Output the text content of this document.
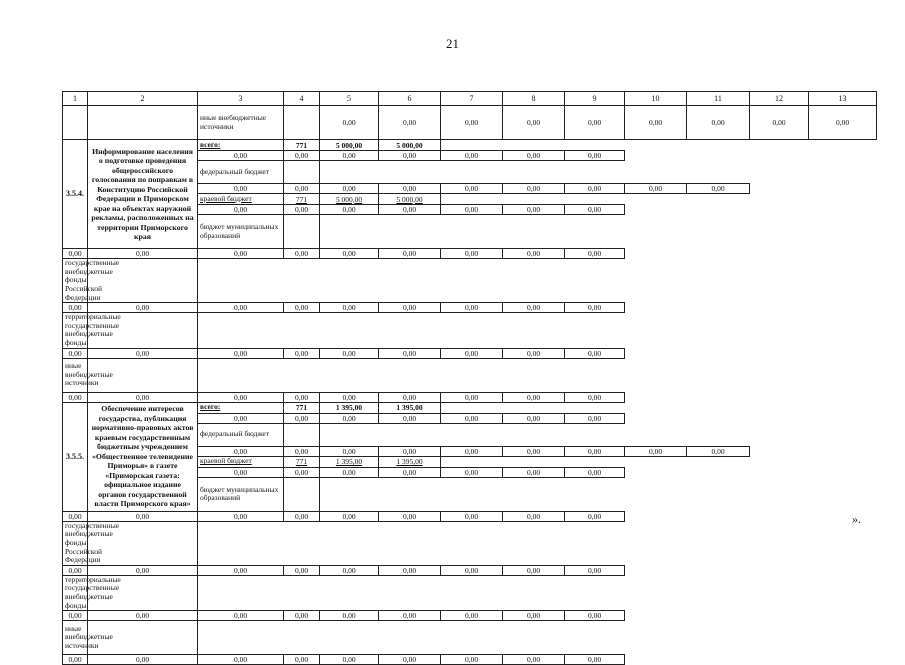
21
1	2	3	4	5	6	7	8	9	10	11	12	13
		иные внебюджетные источники		0,00	0,00	0,00	0,00	0,00	0,00	0,00	0,00	0,00
3.5.4.	Информирование населения о подготовке проведения общероссийского голосования по поправкам в Конституцию Российской Федерации в Приморском крае на объектах наружной рекламы, расположенных на территории Приморского края	всего:	771	5 000,00	5 000,00							
		0,00	0,00	0,00	0,00	0,00	0,00	0,00				
		федеральный бюджет										
		0,00	0,00	0,00	0,00	0,00	0,00	0,00	0,00	0,00		
		краевой бюджет	771	5 000,00	5 000,00							
		0,00	0,00	0,00	0,00	0,00	0,00	0,00				
		бюджет муниципальных образований										
0,00	0,00	0,00	0,00	0,00	0,00	0,00	0,00	0,00				
государственные внебюджетные фонды Российской Федерации												
0,00	0,00	0,00	0,00	0,00	0,00	0,00	0,00	0,00				
территориальные государственные внебюджетные фонды												
0,00	0,00	0,00	0,00	0,00	0,00	0,00	0,00	0,00				
иные внебюджетные источники												
0,00	0,00	0,00	0,00	0,00	0,00	0,00	0,00	0,00				
3.5.5.	Обеспечение интересов государства, публикация нормативно-правовых актов краевым государственным бюджетным учреждением «Общественное телевидение Приморья» в газете «Приморская газета: официальное издание органов государственной власти Приморского края»	всего:	771	1 395,00	1 395,00							
		0,00	0,00	0,00	0,00	0,00	0,00	0,00				
		федеральный бюджет										
		0,00	0,00	0,00	0,00	0,00	0,00	0,00	0,00	0,00		
		краевой бюджет	771	1 395,00	1 395,00							
		0,00	0,00	0,00	0,00	0,00	0,00	0,00				
		бюджет муниципальных образований										
0,00	0,00	0,00	0,00	0,00	0,00	0,00	0,00	0,00				
государственные внебюджетные фонды Российской Федерации												
0,00	0,00	0,00	0,00	0,00	0,00	0,00	0,00	0,00				
территориальные государственные внебюджетные фонды												
0,00	0,00	0,00	0,00	0,00	0,00	0,00	0,00	0,00				
иные внебюджетные источники												
0,00	0,00	0,00	0,00	0,00	0,00	0,00	0,00	0,00				
».
